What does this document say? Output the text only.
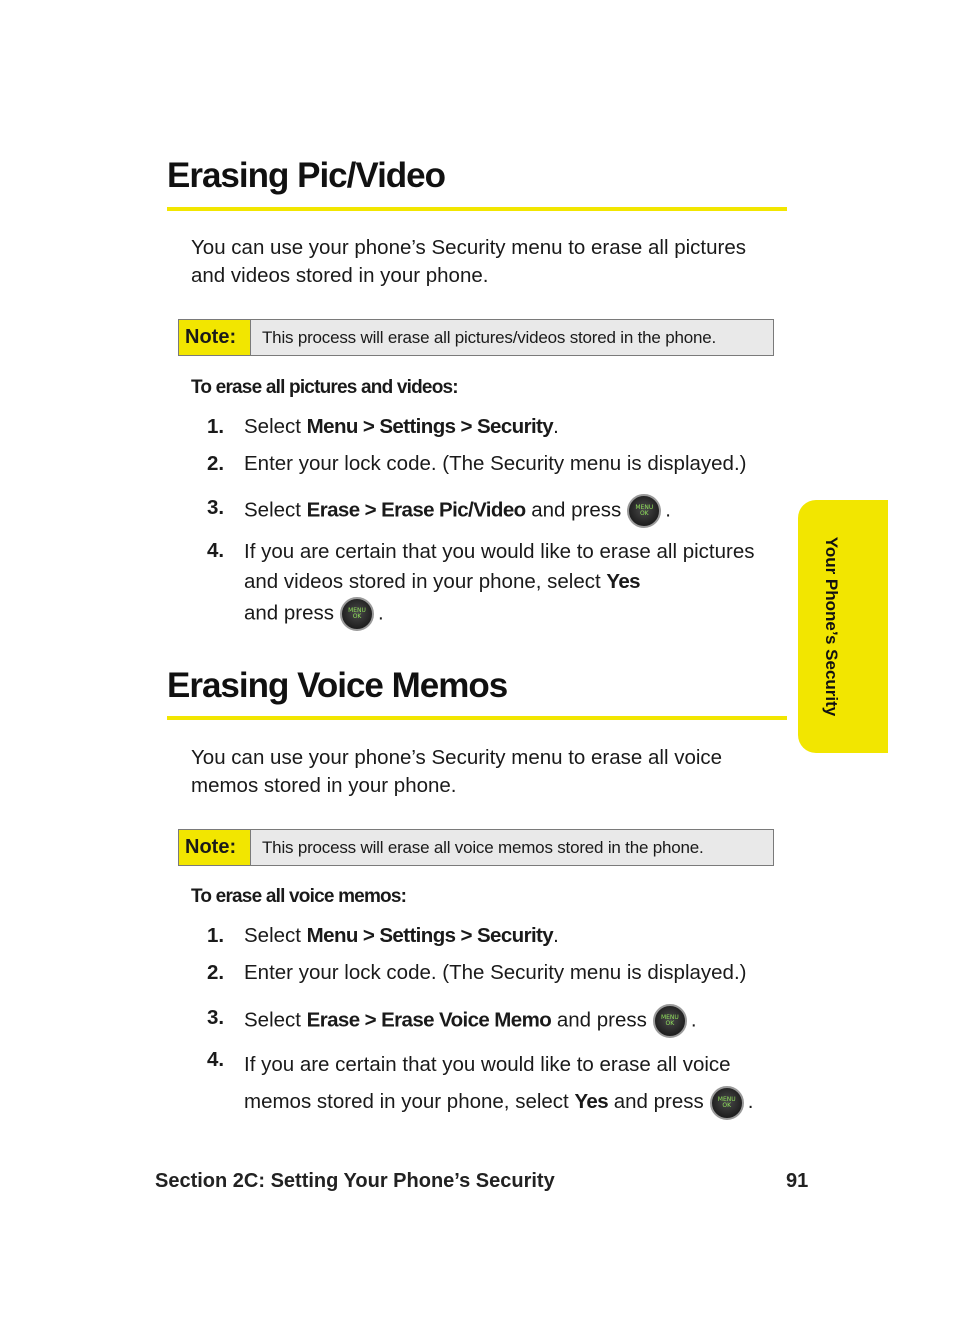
Erasing Pic/Video

You can use your phone’s Security menu to erase all pictures and videos stored in your phone.

Note:	This process will erase all pictures/videos stored in the phone.
To erase all pictures and videos:
1. Select Menu > Settings > Security.
2. Enter your lock code. (The Security menu is displayed.)
3. Select Erase > Erase Pic/Video and press MENU
OK .
4. If you are certain that you would like to erase all pictures and videos stored in your phone, select Yes
and press MENU
OK .
Erasing Voice Memos

You can use your phone’s Security menu to erase all voice memos stored in your phone.

Note:	This process will erase all voice memos stored in the phone.
To erase all voice memos:
1. Select Menu > Settings > Security.
2. Enter your lock code. (The Security menu is displayed.)
3. Select Erase > Erase Voice Memo and press MENU
OK .
4. If you are certain that you would like to erase all voice memos stored in your phone, select Yes and press MENU
OK .
Your Phone’s Security
Section 2C: Setting Your Phone’s Security	91
